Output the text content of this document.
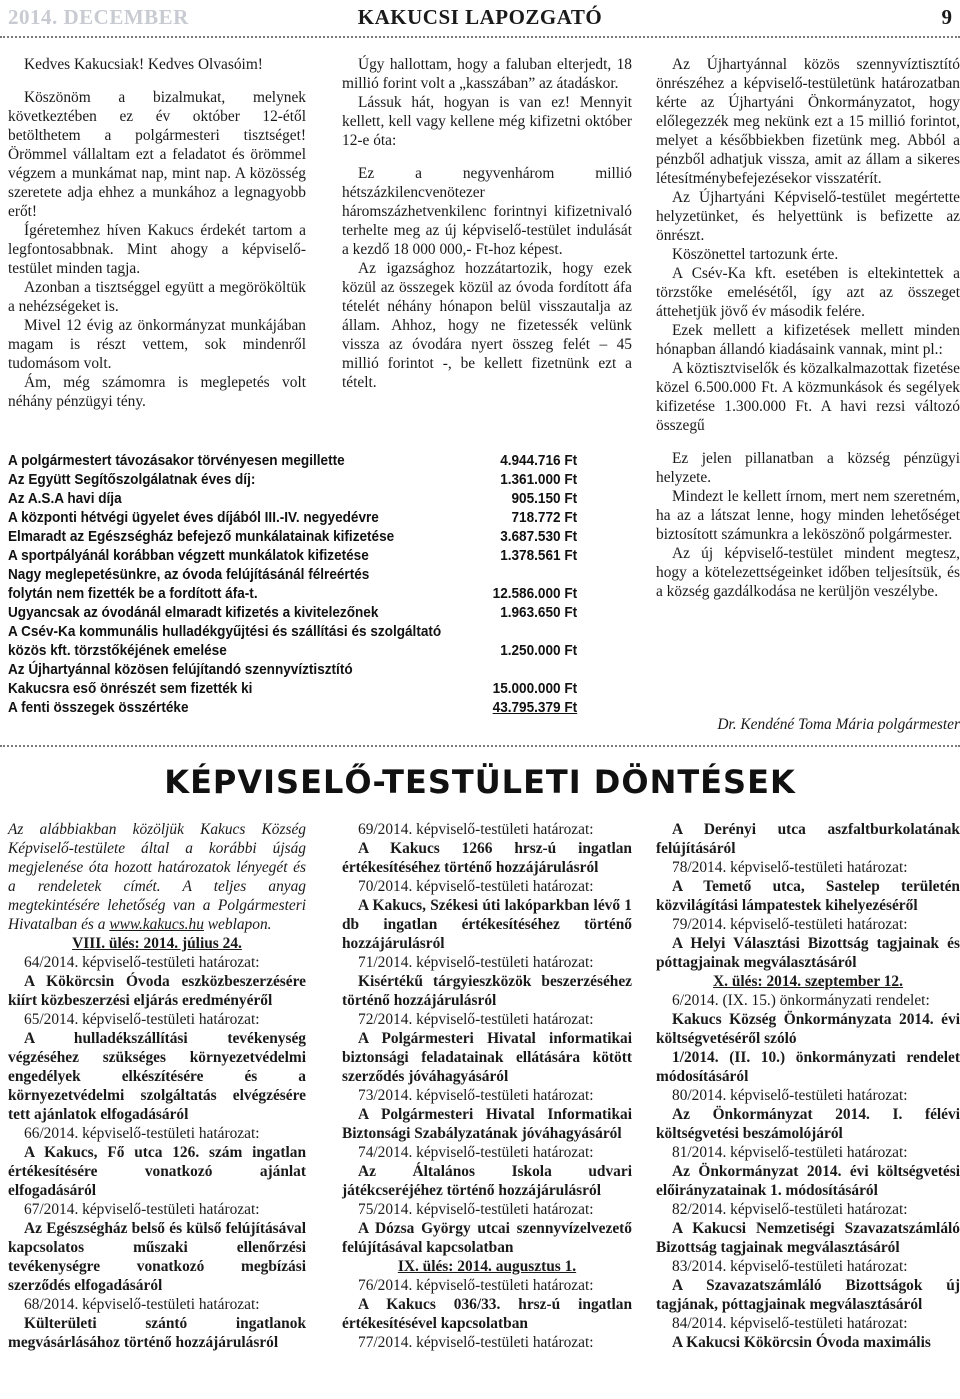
2014. DECEMBER	KAKUCSI LAPOZGATÓ	9

Kedves Kakucsiak! Kedves Olvasóim!

Köszönöm a bizalmukat, melynek következtében ez év október 12-étől betölthetem a polgármesteri tisztséget! Örömmel vállaltam ezt a feladatot és örömmel végzem a munkámat nap, mint nap. A közösség szeretete adja ehhez a munkához a legnagyobb erőt!

Ígéretemhez híven Kakucs érdekét tartom a legfontosabbnak. Mint ahogy a képviselő-testület minden tagja.

Azonban a tisztséggel együtt a megörököltük a nehézségeket is.

Mivel 12 évig az önkormányzat munkájában magam is részt vettem, sok mindenről tudomásom volt.

Ám, még számomra is meglepetés volt néhány pénzügyi tény.

Úgy hallottam, hogy a faluban elterjedt, 18 millió forint volt a „kasszában” az átadáskor.

Lássuk hát, hogyan is van ez! Mennyit kellett, kell vagy kellene még kifizetni október 12-e óta:

Ez a negyvenhárom millió hétszázkilencvenötezer háromszázhetvenkilenc forintnyi kifizetnivaló terhelte meg az új képviselő-testület indulását a kezdő 18 000 000,- Ft-hoz képest.

Az igazsághoz hozzátartozik, hogy ezek közül az összegek közül az óvoda fordított áfa tételét néhány hónapon belül visszautalja az állam. Ahhoz, hogy ne fizetessék velünk vissza az óvodára nyert összeg felét – 45 millió forintot -, be kellett fizetnünk ezt a tételt.

Az Újhartyánnal közös szennyvíztisztító önrészéhez a képviselő-testületünk határozatban kérte az Újhartyáni Önkormányzatot, hogy előlegezzék meg nekünk ezt a 15 millió forintot, melyet a későbbiekben fizetünk meg. Abból a pénzből adhatjuk vissza, amit az állam a sikeres létesítménybefejezésekor visszatérít.

Az Újhartyáni Képviselő-testület megértette helyzetünket, és helyettünk is befizette az önrészt.

Köszönettel tartozunk érte.

A Csév-Ka kft. esetében is eltekintettek a törzstőke emelésétől, így azt az összeget áttehetjük jövő év második felére.

Ezek mellett a kifizetések mellett minden hónapban állandó kiadásaink vannak, mint pl.:

A köztisztviselők és közalkalmazottak fizetése közel 6.500.000 Ft. A közmunkások és segélyek kifizetése 1.300.000 Ft. A havi rezsi változó összegű

Ez jelen pillanatban a község pénzügyi helyzete.

Mindezt le kellett írnom, mert nem szeretném, ha az a látszat lenne, hogy minden lehetőséget biztosított számunkra a leköszönő polgármester.

Az új képviselő-testület mindent megtesz, hogy a kötelezettségeinket időben teljesítsük, és a község gazdálkodása ne kerüljön veszélybe.

A polgármestert távozásakor törvényesen megillette	4.944.716 Ft
Az Együtt Segítőszolgálatnak éves díj:	1.361.000 Ft
Az A.S.A havi díja	905.150 Ft
A központi hétvégi ügyelet éves díjából III.-IV. negyedévre	718.772 Ft
Elmaradt az Egészségház befejező munkálatainak kifizetése	3.687.530 Ft
A sportpályánál korábban végzett munkálatok kifizetése	1.378.561 Ft
Nagy meglepetésünkre, az óvoda felújításánál félreértés
folytán nem fizették be a fordított áfa-t.	12.586.000 Ft
Ugyancsak az óvodánál elmaradt kifizetés a kivitelezőnek	1.963.650 Ft
A Csév-Ka kommunális hulladékgyűjtési és szállítási és szolgáltató
közös kft. törzstőkéjének emelése	1.250.000 Ft
Az Újhartyánnal közösen felújítandó szennyvíztisztító
Kakucsra eső önrészét sem fizették ki	15.000.000 Ft
A fenti összegek összértéke	43.795.379 Ft
Dr. Kendéné Toma Mária polgármester
KÉPVISELŐ-TESTÜLETI DÖNTÉSEK

Az alábbiakban közöljük Kakucs Község Képviselő-testülete által a korábbi újság megjelenése óta hozott határozatok lényegét és a rendeletek címét. A teljes anyag megtekintésére lehetőség van a Polgármesteri Hivatalban és a www.kakucs.hu weblapon.

VIII. ülés: 2014. július 24.

64/2014. képviselő-testületi határozat:

A Kökörcsin Óvoda eszközbeszerzésére kiírt közbeszerzési eljárás eredményéről

65/2014. képviselő-testületi határozat:

A hulladékszállítási tevékenység végzéséhez szükséges környezetvédelmi engedélyek elkészítésére és a környezetvédelmi szolgáltatás elvégzésére tett ajánlatok elfogadásáról

66/2014. képviselő-testületi határozat:

A Kakucs, Fő utca 126. szám ingatlan értékesítésére vonatkozó ajánlat elfogadásáról

67/2014. képviselő-testületi határozat:

Az Egészségház belső és külső felújításával kapcsolatos műszaki ellenőrzési tevékenységre vonatkozó megbízási szerződés elfogadásáról

68/2014. képviselő-testületi határozat:

Külterületi szántó ingatlanok megvásárlásához történő hozzájárulásról

69/2014. képviselő-testületi határozat:

A Kakucs 1266 hrsz-ú ingatlan értékesítéséhez történő hozzájárulásról

70/2014. képviselő-testületi határozat:

A Kakucs, Székesi úti lakóparkban lévő 1 db ingatlan értékesítéséhez történő hozzájárulásról

71/2014. képviselő-testületi határozat:

Kisértékű tárgyieszközök beszerzéséhez történő hozzájárulásról

72/2014. képviselő-testületi határozat:

A Polgármesteri Hivatal informatikai biztonsági feladatainak ellátására kötött szerződés jóváhagyásáról

73/2014. képviselő-testületi határozat:

A Polgármesteri Hivatal Informatikai Biztonsági Szabályzatának jóváhagyásáról

74/2014. képviselő-testületi határozat:

Az Általános Iskola udvari játékcseréjéhez történő hozzájárulásról

75/2014. képviselő-testületi határozat:

A Dózsa György utcai szennyvízelvezető felújításával kapcsolatban

IX. ülés: 2014. augusztus 1.

76/2014. képviselő-testületi határozat:

A Kakucs 036/33. hrsz-ú ingatlan értékesítésével kapcsolatban

77/2014. képviselő-testületi határozat:

A Derényi utca aszfaltburkolatának felújításáról

78/2014. képviselő-testületi határozat:

A Temető utca, Sastelep területén közvilágítási lámpatestek kihelyezéséről

79/2014. képviselő-testületi határozat:

A Helyi Választási Bizottság tagjainak és póttagjainak megválasztásáról

X. ülés: 2014. szeptember 12.

6/2014. (IX. 15.) önkormányzati rendelet:

Kakucs Község Önkormányzata 2014. évi költségvetéséről szóló

1/2014. (II. 10.) önkormányzati rendelet módosításáról

80/2014. képviselő-testületi határozat:

Az Önkormányzat 2014. I. félévi költségvetési beszámolójáról

81/2014. képviselő-testületi határozat:

Az Önkormányzat 2014. évi költségvetési előirányzatainak 1. módosításáról

82/2014. képviselő-testületi határozat:

A Kakucsi Nemzetiségi Szavazatszámláló Bizottság tagjainak megválasztásáról

83/2014. képviselő-testületi határozat:

A Szavazatszámláló Bizottságok új tagjának, póttagjainak megválasztásáról

84/2014. képviselő-testületi határozat:

A Kakucsi Kökörcsin Óvoda maximális
